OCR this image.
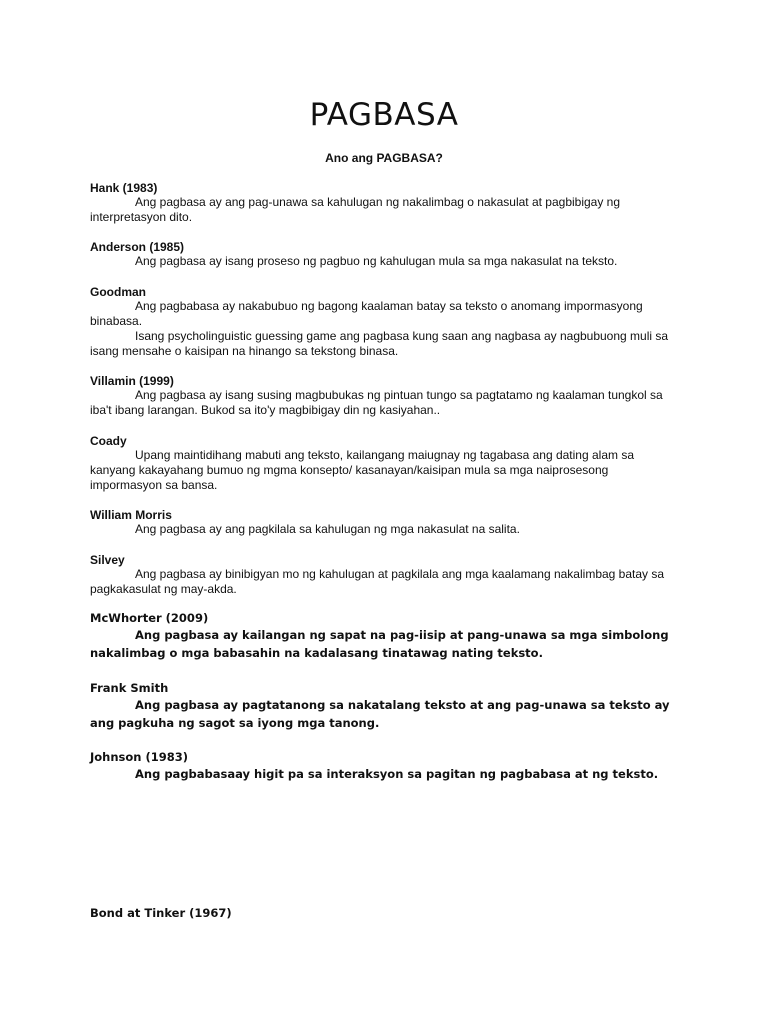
PAGBASA
Ano ang PAGBASA?
Hank (1983)
Ang pagbasa ay ang pag-unawa sa kahulugan ng nakalimbag o nakasulat at pagbibigay ng interpretasyon dito.
Anderson (1985)
Ang pagbasa ay isang proseso ng pagbuo ng kahulugan mula sa mga nakasulat na teksto.
Goodman
Ang pagbabasa ay nakabubuo ng bagong kaalaman batay sa teksto o anomang impormasyong binabasa.
Isang psycholinguistic guessing game ang pagbasa kung saan ang nagbasa ay nagbubuong muli sa isang mensahe o kaisipan na hinango sa tekstong binasa.
Villamin (1999)
Ang pagbasa ay isang susing magbubukas ng pintuan tungo sa pagtatamo ng kaalaman tungkol sa iba't ibang larangan. Bukod sa ito'y magbibigay din ng kasiyahan..
Coady
Upang maintidihang mabuti ang teksto, kailangang maiugnay ng tagabasa ang dating alam sa kanyang kakayahang bumuo ng mgma konsepto/ kasanayan/kaisipan mula sa mga naiprosesong impormasyon sa bansa.
William Morris
Ang pagbasa ay ang pagkilala sa kahulugan ng mga nakasulat na salita.
Silvey
Ang pagbasa ay binibigyan mo ng kahulugan at pagkilala ang mga kaalamang nakalimbag batay sa pagkakasulat ng may-akda.
McWhorter (2009)
Ang pagbasa ay kailangan ng sapat na pag-iisip at pang-unawa sa mga simbolong nakalimbag o mga babasahin na kadalasang tinatawag nating teksto.
Frank Smith
Ang pagbasa ay pagtatanong sa nakatalang teksto at ang pag-unawa sa teksto ay ang pagkuha ng sagot sa iyong mga tanong.
Johnson (1983)
Ang pagbabasaay higit pa sa interaksyon sa pagitan ng pagbabasa at ng teksto.
Bond at Tinker (1967)
